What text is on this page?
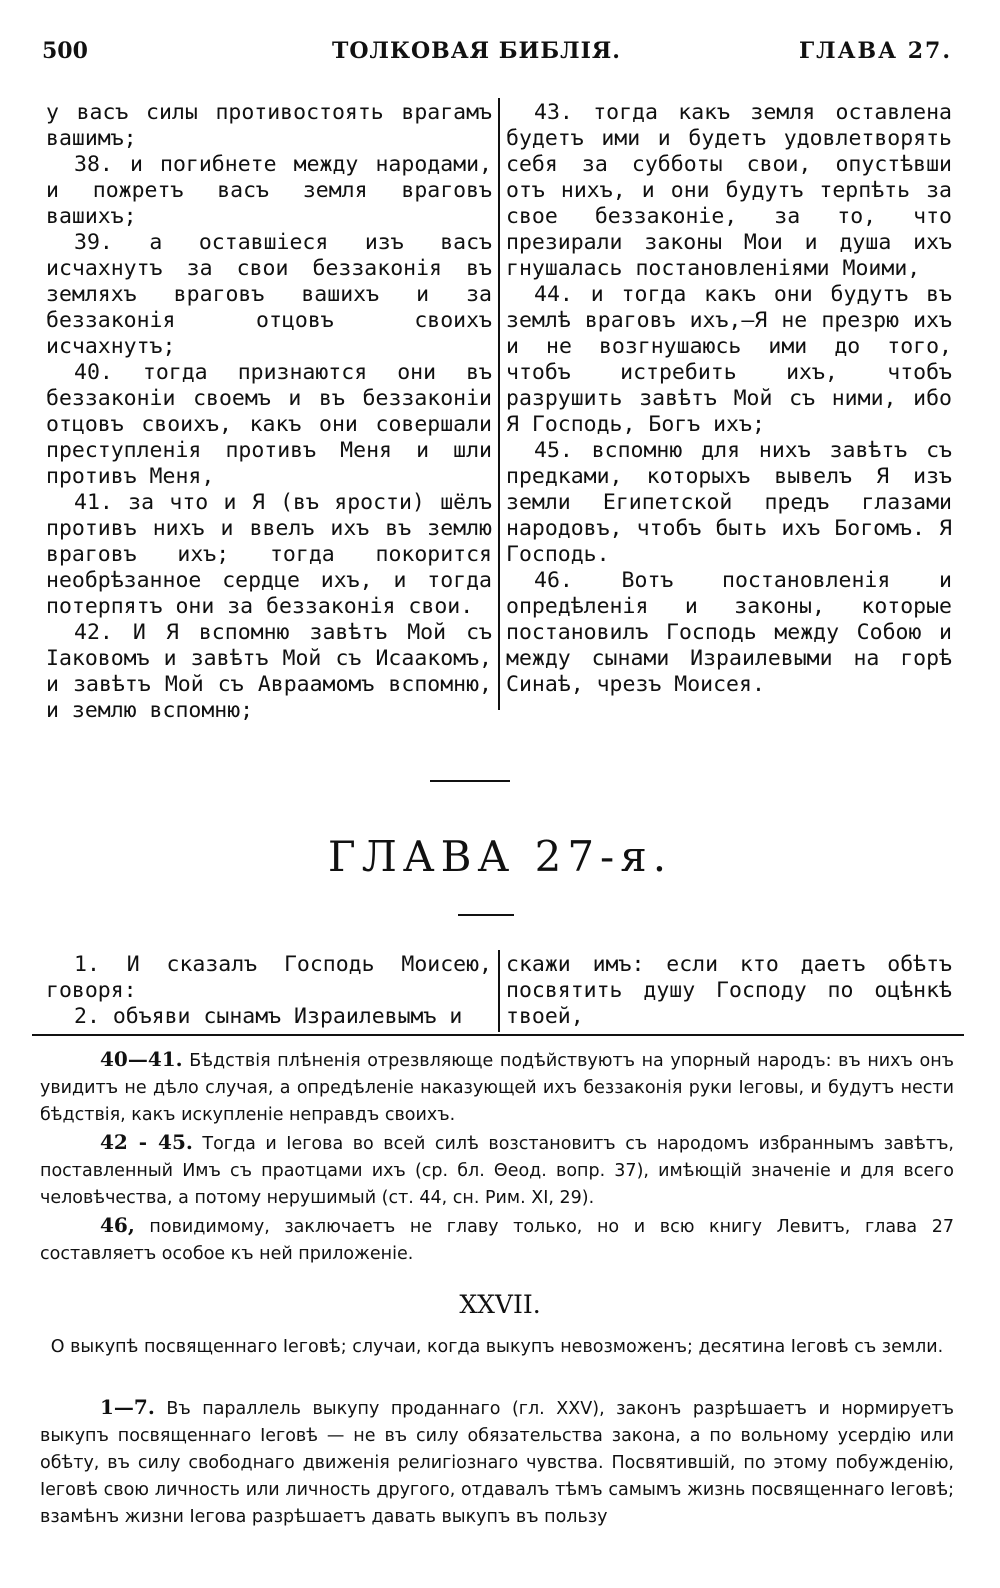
500	ТОЛКОВАЯ БИБЛІЯ.	ГЛАВА 27.

у васъ силы противостоять врагамъ вашимъ;

38. и погибнете между народами, и пожретъ васъ земля враговъ вашихъ;

39. а оставшіеся изъ васъ исчахнутъ за свои беззаконія въ земляхъ враговъ вашихъ и за беззаконія отцовъ своихъ исчахнутъ;

40. тогда признаются они въ беззаконіи своемъ и въ беззаконіи отцовъ своихъ, какъ они совершали преступленія противъ Меня и шли противъ Меня,

41. за что и Я (въ ярости) шёлъ противъ нихъ и ввелъ ихъ въ землю враговъ ихъ; тогда покорится необрѣзанное сердце ихъ, и тогда потерпятъ они за беззаконія свои.

42. И Я вспомню завѣтъ Мой съ Іаковомъ и завѣтъ Мой съ Исаакомъ, и завѣтъ Мой съ Авраамомъ вспомню, и землю вспомню;

43. тогда какъ земля оставлена будетъ ими и будетъ удовлетворять себя за субботы свои, опустѣвши отъ нихъ, и они будутъ терпѣть за свое беззаконіе, за то, что презирали законы Мои и душа ихъ гнушалась постановленіями Моими,

44. и тогда какъ они будутъ въ землѣ враговъ ихъ,—Я не презрю ихъ и не возгнушаюсь ими до того, чтобъ истребить ихъ, чтобъ разрушить завѣтъ Мой съ ними, ибо Я Господь, Богъ ихъ;

45. вспомню для нихъ завѣтъ съ предками, которыхъ вывелъ Я изъ земли Египетской предъ глазами народовъ, чтобъ быть ихъ Богомъ. Я Господь.

46. Вотъ постановленія и опредѣленія и законы, которые постановилъ Господь между Собою и между сынами Израилевыми на горѣ Синаѣ, чрезъ Моисея.

ГЛАВА 27-я.

1. И сказалъ Господь Моисею, говоря:

2. объяви сынамъ Израилевымъ и

скажи имъ: если кто даетъ обѣтъ посвятить душу Господу по оцѣнкѣ твоей,

40—41. Бѣдствія плѣненія отрезвляюще подѣйствуютъ на упорный народъ: въ нихъ онъ увидитъ не дѣло случая, а опредѣленіе наказующей ихъ беззаконія руки Іеговы, и будутъ нести бѣдствія, какъ искупленіе неправдъ своихъ.

42 - 45. Тогда и Іегова во всей силѣ возстановитъ съ народомъ избраннымъ завѣтъ, поставленный Имъ съ праотцами ихъ (ср. бл. Θеод. вопр. 37), имѣющій значеніе и для всего человѣчества, а потому нерушимый (ст. 44, сн. Рим. XI, 29).

46, повидимому, заключаетъ не главу только, но и всю книгу Левитъ, глава 27 составляетъ особое къ ней приложеніе.

XXVII.
О выкупѣ посвященнаго Іеговѣ; случаи, когда выкупъ невозможенъ; десятина Іеговѣ съ земли.

1—7. Въ параллель выкупу проданнаго (гл. XXV), законъ разрѣшаетъ и нормируетъ выкупъ посвященнаго Іеговѣ — не въ силу обязательства закона, а по вольному усердію или обѣту, въ силу свободнаго движенія религіознаго чувства. Посвятившій, по этому побужденію, Іеговѣ свою личность или личность другого, отдавалъ тѣмъ самымъ жизнь посвященнаго Іеговѣ; взамѣнъ жизни Іегова разрѣшаетъ давать выкупъ въ пользу
